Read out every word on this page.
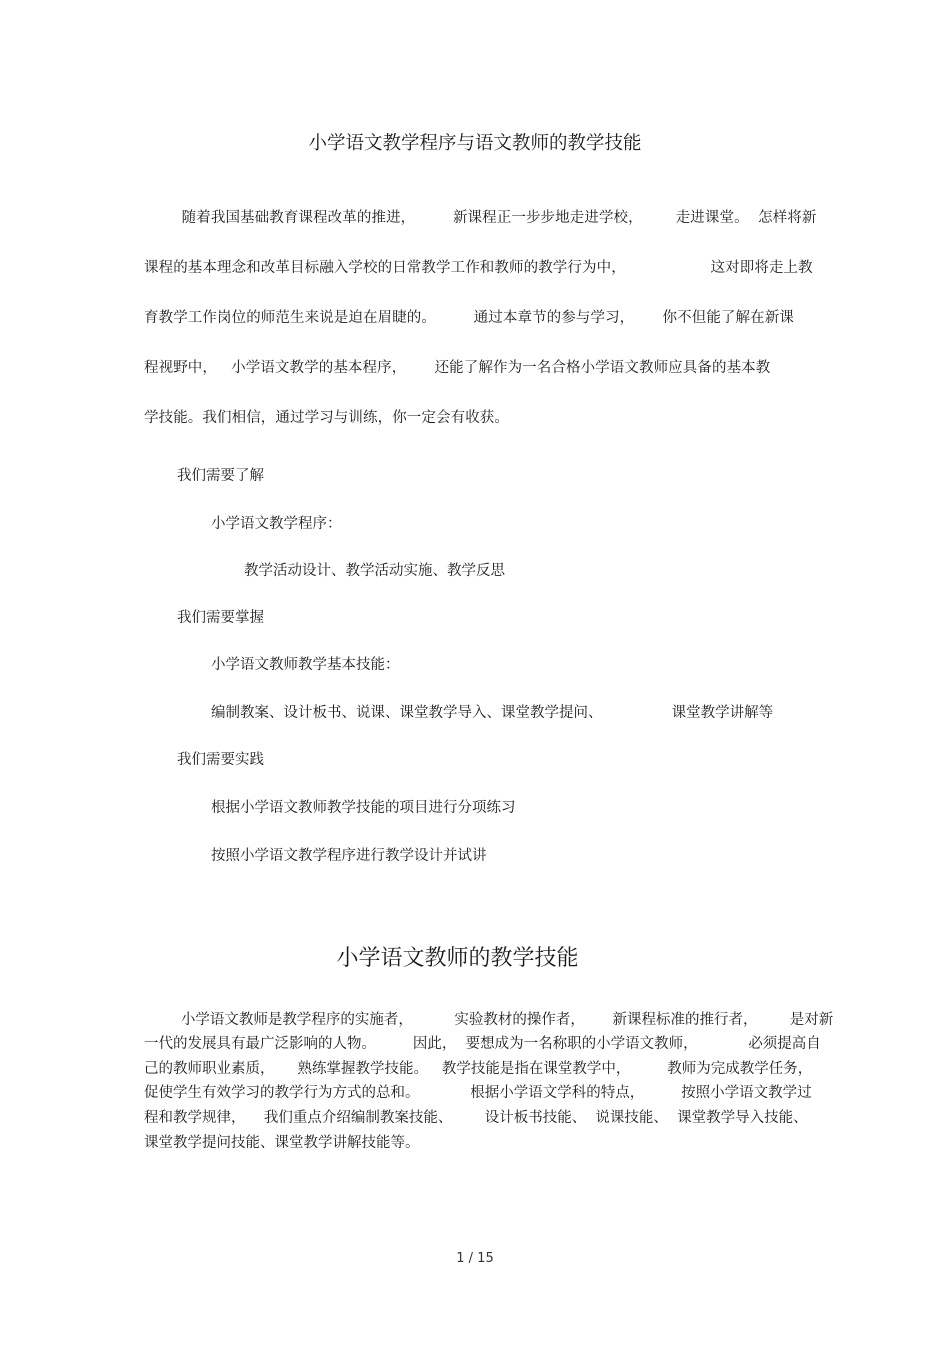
小学语文教学程序与语文教师的教学技能
随着我国基础教育课程改革的推进，        新课程正一步步地走进学校，       走进课堂。  怎样将新
课程的基本理念和改革目标融入学校的日常教学工作和教师的教学行为中，                  这对即将走上教
育教学工作岗位的师范生来说是迫在眉睫的。        通过本章节的参与学习，      你不但能了解在新课
程视野中，   小学语文教学的基本程序，      还能了解作为一名合格小学语文教师应具备的基本教
学技能。我们相信，通过学习与训练，你一定会有收获。
我们需要了解
小学语文教学程序：
教学活动设计、教学活动实施、教学反思
我们需要掌握
小学语文教师教学基本技能：
编制教案、设计板书、说课、课堂教学导入、课堂教学提问、               课堂教学讲解等
我们需要实践
根据小学语文教师教学技能的项目进行分项练习
按照小学语文教学程序进行教学设计并试讲
小学语文教师的教学技能
小学语文教师是教学程序的实施者，         实验教材的操作者，      新课程标准的推行者，       是对新
一代的发展具有最广泛影响的人物。        因此，  要想成为一名称职的小学语文教师，           必须提高自
己的教师职业素质，     熟练掌握教学技能。   教学技能是指在课堂教学中，        教师为完成教学任务，
促使学生有效学习的教学行为方式的总和。           根据小学语文学科的特点，        按照小学语文教学过
程和教学规律，    我们重点介绍编制教案技能、       设计板书技能、  说课技能、  课堂教学导入技能、
课堂教学提问技能、课堂教学讲解技能等。
1 / 15
